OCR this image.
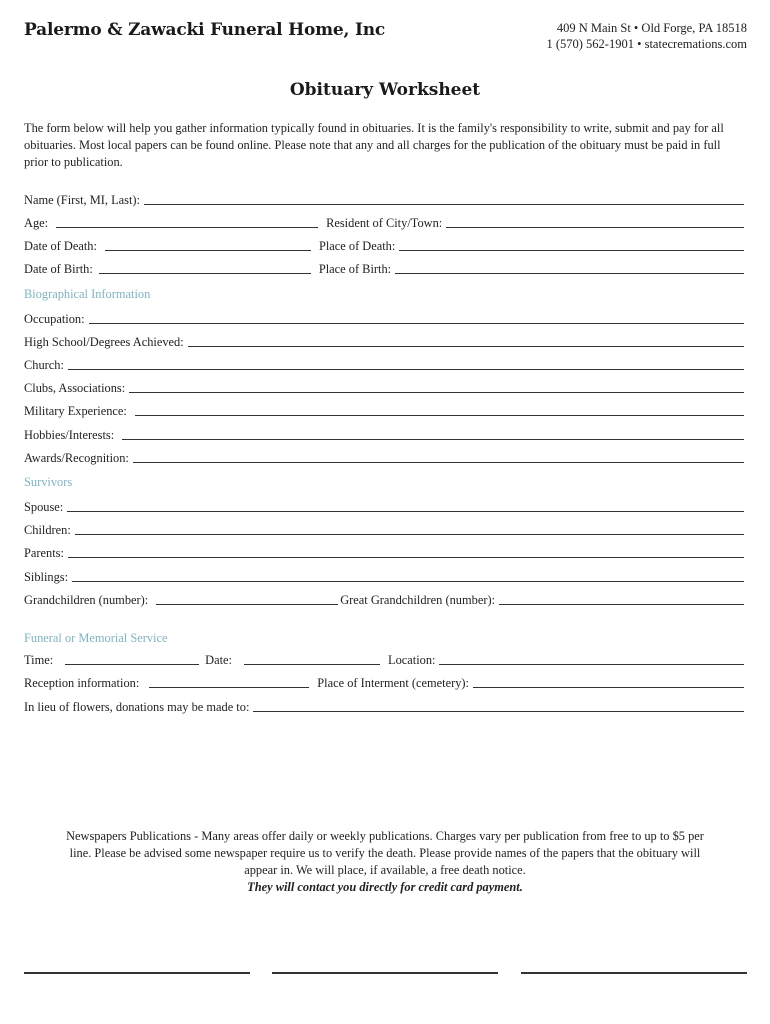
Palermo & Zawacki Funeral Home, Inc	409 N Main St • Old Forge, PA 18518
1 (570) 562-1901 • statecremations.com
Obituary Worksheet
The form below will help you gather information typically found in obituaries. It is the family's responsibility to write, submit and pay for all obituaries. Most local papers can be found online. Please note that any and all charges for the publication of the obituary must be paid in full prior to publication.
Name (First, MI, Last):
Age:	Resident of City/Town:
Date of Death:	Place of Death:
Date of Birth:	Place of Birth:
Biographical Information
Occupation:
High School/Degrees Achieved:
Church:
Clubs, Associations:
Military Experience:
Hobbies/Interests:
Awards/Recognition:
Survivors
Spouse:
Children:
Parents:
Siblings:
Grandchildren (number):	Great Grandchildren (number):
Funeral or Memorial Service
Time:	Date:	Location:
Reception information:	Place of Interment (cemetery):
In lieu of flowers, donations may be made to:
Newspapers Publications - Many areas offer daily or weekly publications. Charges vary per publication from free to up to $5 per line. Please be advised some newspaper require us to verify the death. Please provide names of the papers that the obituary will appear in. We will place, if available, a free death notice.
They will contact you directly for credit card payment.
